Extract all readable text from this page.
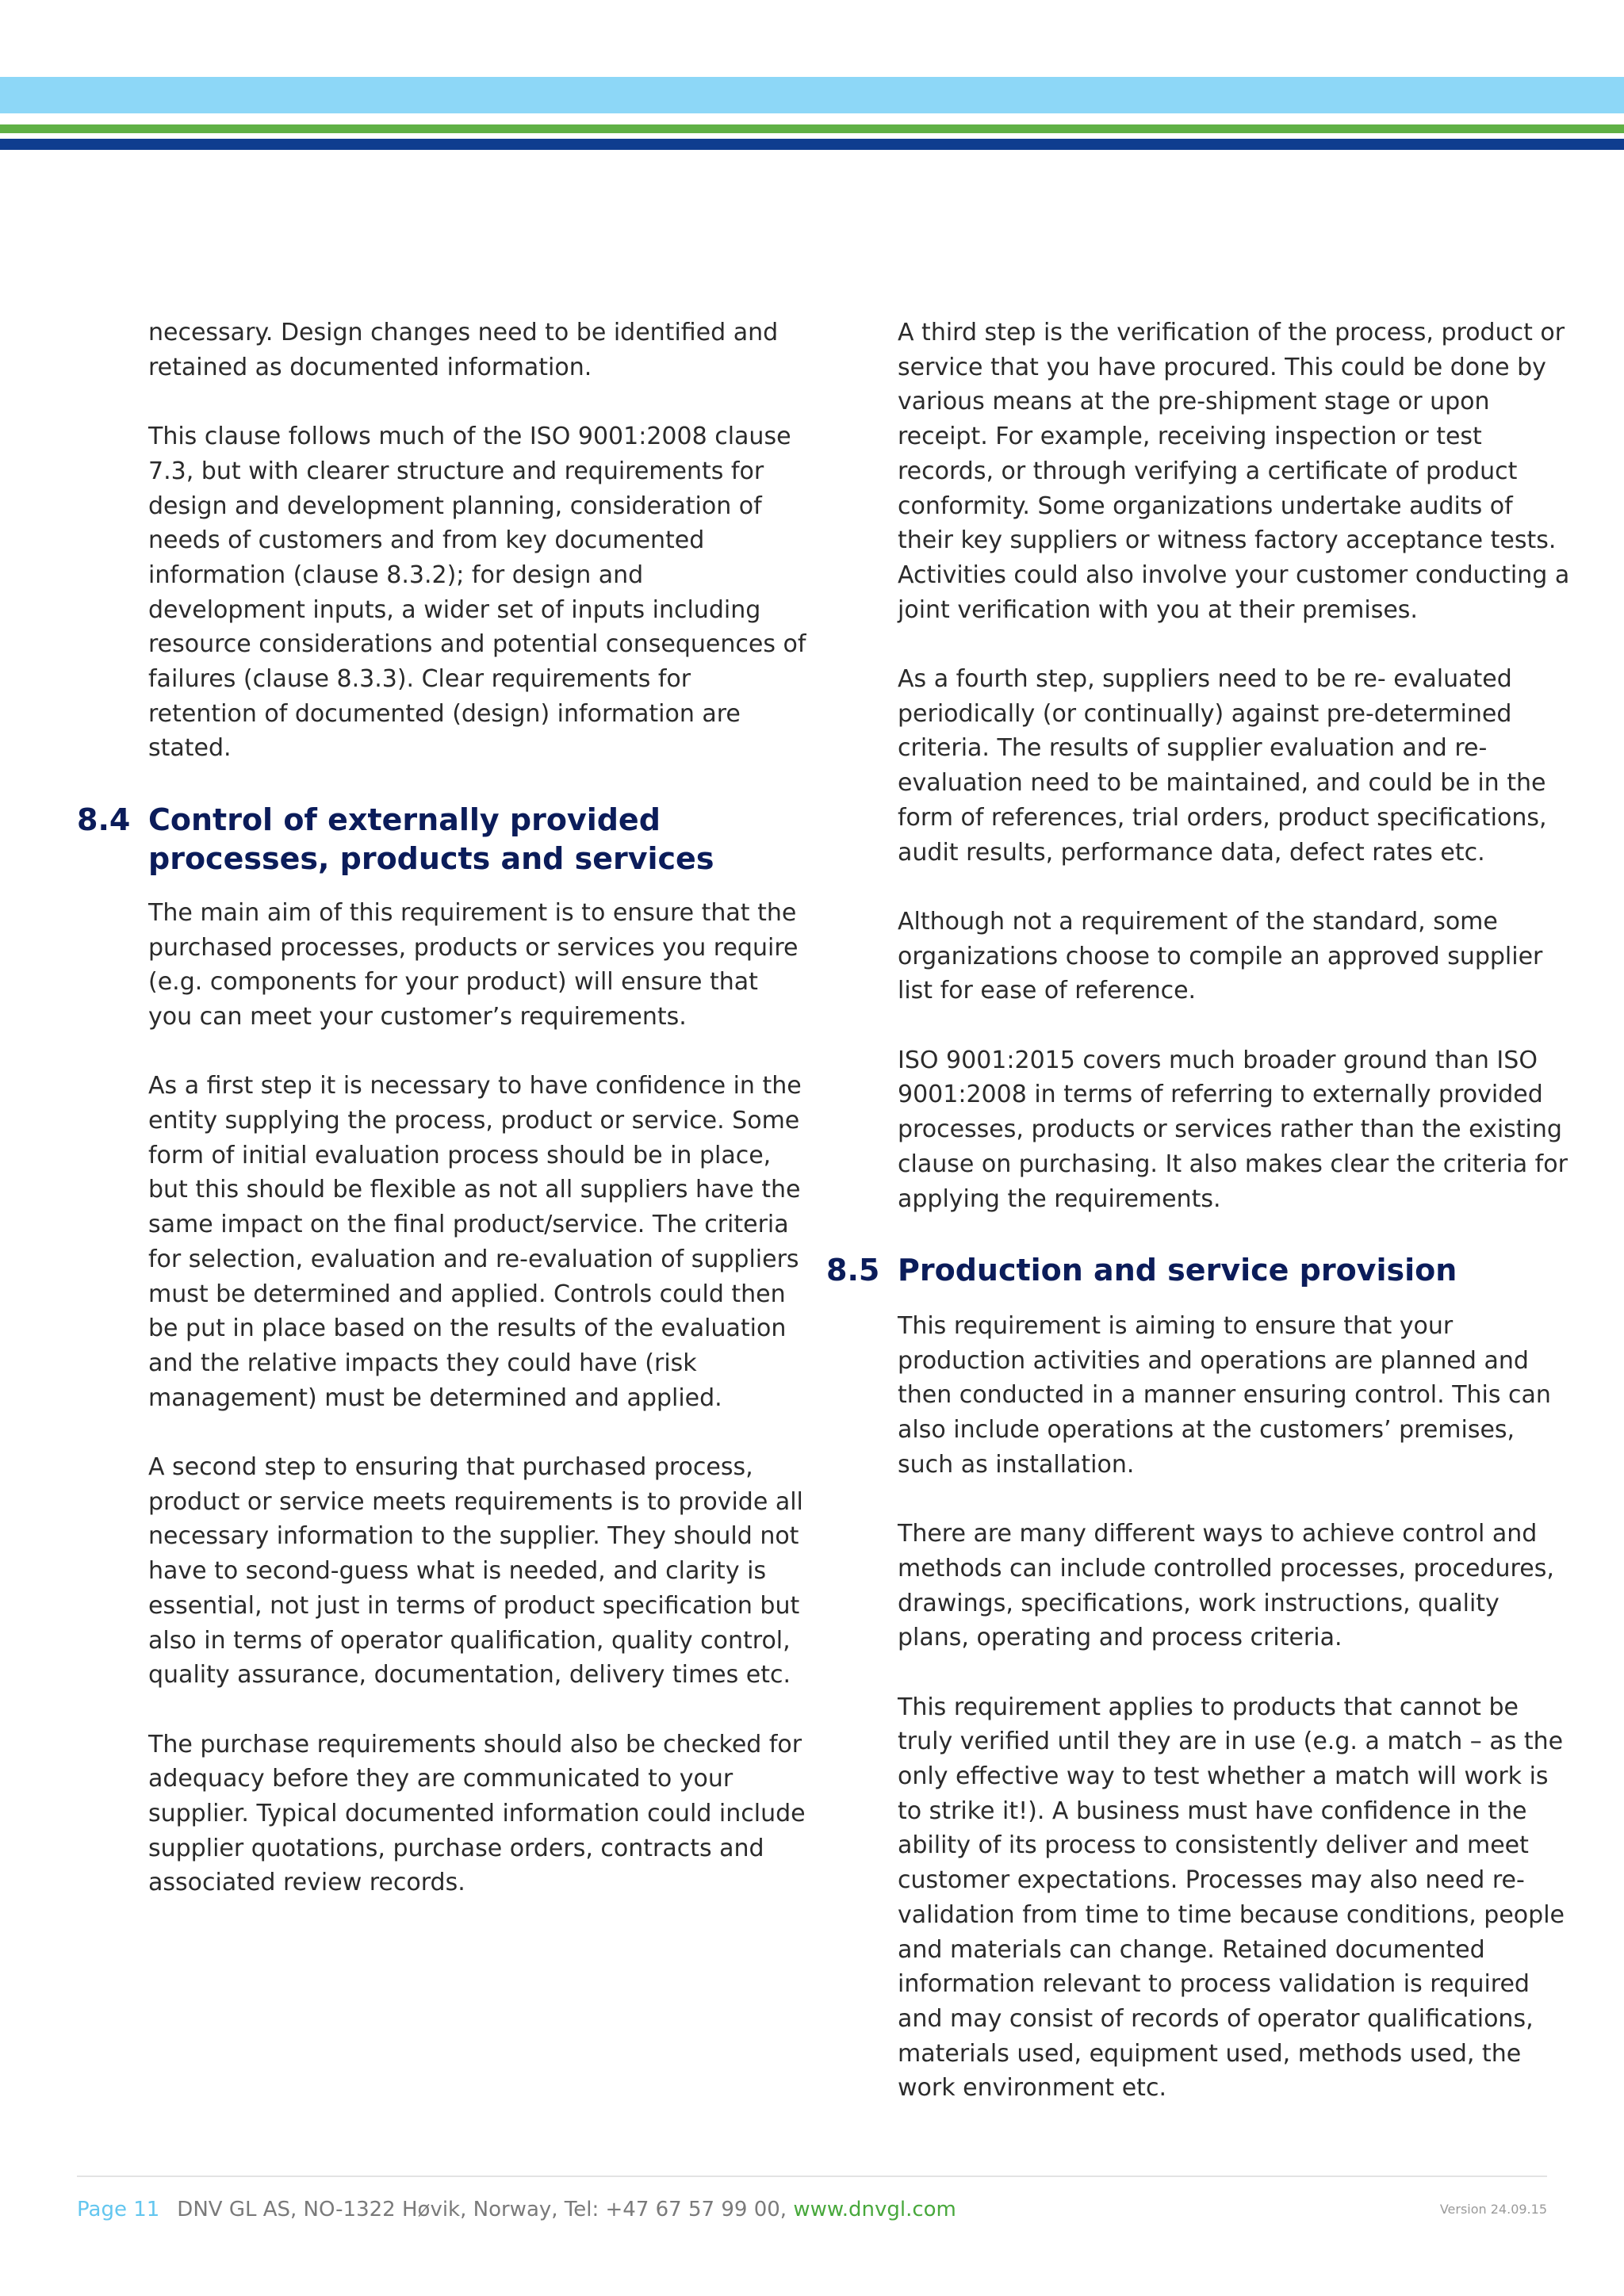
necessary. Design changes need to be identified and retained as documented information.

This clause follows much of the ISO 9001:2008 clause 7.3, but with clearer structure and requirements for design and development planning, consideration of needs of customers and from key documented information (clause 8.3.2); for design and development inputs, a wider set of inputs including resource considerations and potential consequences of failures (clause 8.3.3). Clear requirements for retention of documented (design) information are stated.

8.4 Control of externally provided processes, products and services

The main aim of this requirement is to ensure that the purchased processes, products or services you require (e.g. components for your product) will ensure that you can meet your customer’s requirements.

As a first step it is necessary to have confidence in the entity supplying the process, product or service. Some form of initial evaluation process should be in place, but this should be flexible as not all suppliers have the same impact on the final product/service. The criteria for selection, evaluation and re-evaluation of suppliers must be determined and applied. Controls could then be put in place based on the results of the evaluation and the relative impacts they could have (risk management) must be determined and applied.

A second step to ensuring that purchased process, product or service meets requirements is to provide all necessary information to the supplier. They should not have to second-guess what is needed, and clarity is essential, not just in terms of product specification but also in terms of operator qualification, quality control, quality assurance, documentation, delivery times etc.

The purchase requirements should also be checked for adequacy before they are communicated to your supplier. Typical documented information could include supplier quotations, purchase orders, contracts and associated review records.

A third step is the verification of the process, product or service that you have procured. This could be done by various means at the pre-shipment stage or upon receipt. For example, receiving inspection or test records, or through verifying a certificate of product conformity. Some organizations undertake audits of their key suppliers or witness factory acceptance tests. Activities could also involve your customer conducting a joint verification with you at their premises.

As a fourth step, suppliers need to be re- evaluated periodically (or continually) against pre-determined criteria. The results of supplier evaluation and re-evaluation need to be maintained, and could be in the form of references, trial orders, product specifications, audit results, performance data, defect rates etc.

Although not a requirement of the standard, some organizations choose to compile an approved supplier list for ease of reference.

ISO 9001:2015 covers much broader ground than ISO 9001:2008 in terms of referring to externally provided processes, products or services rather than the existing clause on purchasing. It also makes clear the criteria for applying the requirements.

8.5 Production and service provision

This requirement is aiming to ensure that your production activities and operations are planned and then conducted in a manner ensuring control. This can also include operations at the customers’ premises, such as installation.

There are many different ways to achieve control and methods can include controlled processes, procedures, drawings, specifications, work instructions, quality plans, operating and process criteria.

This requirement applies to products that cannot be truly verified until they are in use (e.g. a match – as the only effective way to test whether a match will work is to strike it!). A business must have confidence in the ability of its process to consistently deliver and meet customer expectations. Processes may also need re-validation from time to time because conditions, people and materials can change. Retained documented information relevant to process validation is required and may consist of records of operator qualifications, materials used, equipment used, methods used, the work environment etc.

Page 11 DNV GL AS, NO-1322 Høvik, Norway, Tel: +47 67 57 99 00, www.dnvgl.com	Version 24.09.15
